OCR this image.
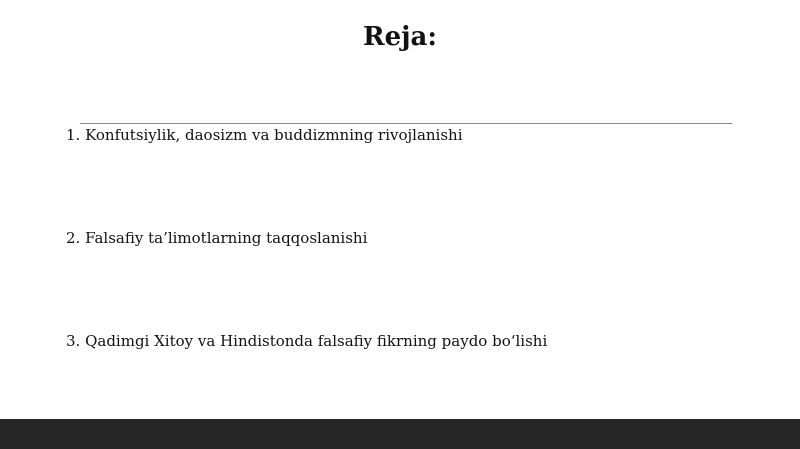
Reja:
1. Konfutsiylik, daosizm va buddizmning rivojlanishi
2. Falsafiy ta’limotlarning taqqoslanishi
3. Qadimgi Xitoy va Hindistonda falsafiy fikrning paydo bo‘lishi
